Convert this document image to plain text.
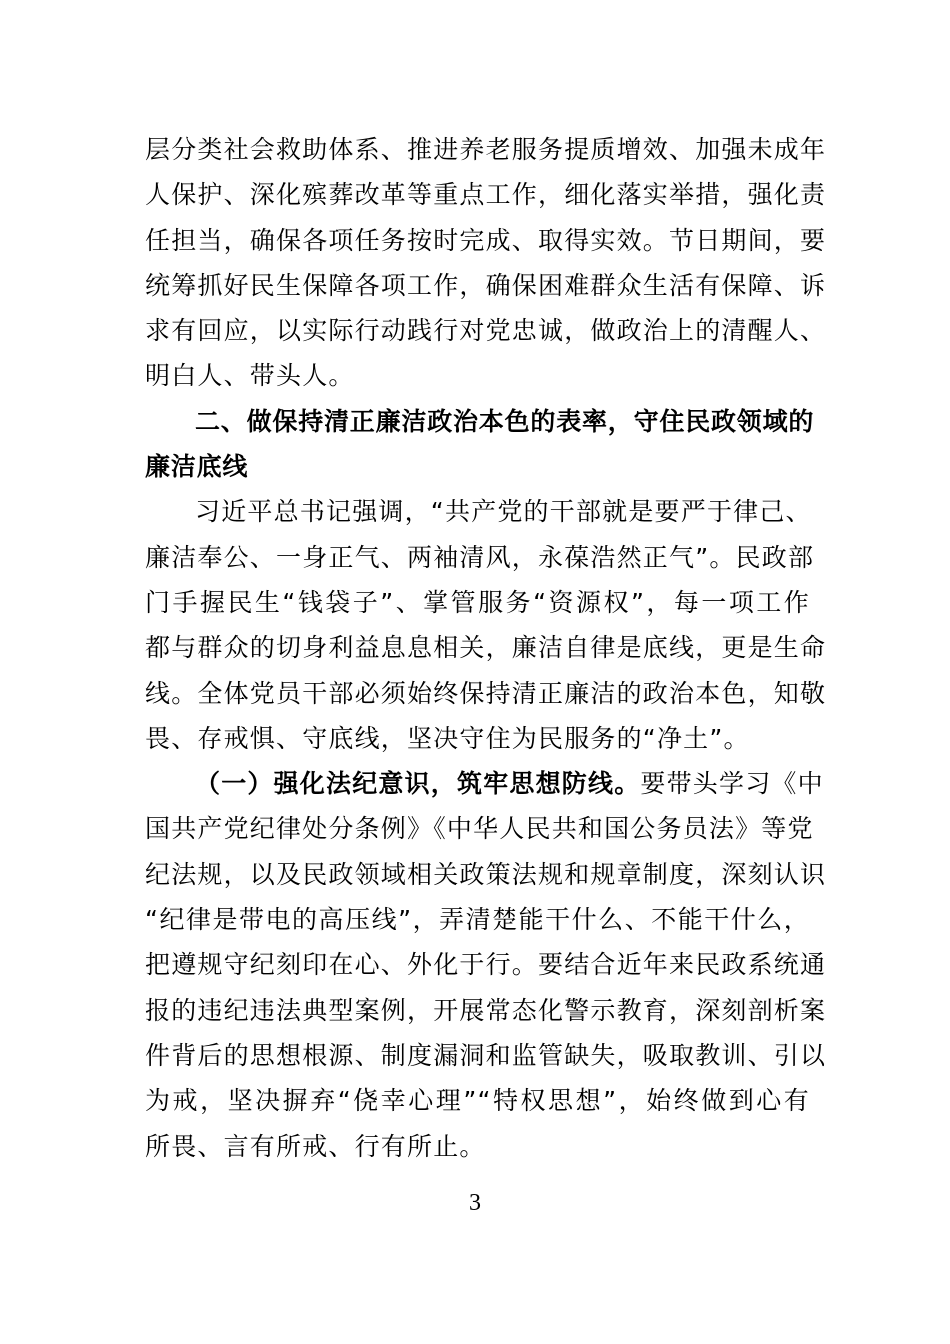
层分类社会救助体系、推进养老服务提质增效、加强未成年
人保护、深化殡葬改革等重点工作，细化落实举措，强化责
任担当，确保各项任务按时完成、取得实效。节日期间，要
统筹抓好民生保障各项工作，确保困难群众生活有保障、诉
求有回应，以实际行动践行对党忠诚，做政治上的清醒人、
明白人、带头人。
二、做保持清正廉洁政治本色的表率，守住民政领域的
廉洁底线
习近平总书记强调，“共产党的干部就是要严于律己、
廉洁奉公、一身正气、两袖清风，永葆浩然正气”。民政部
门手握民生“钱袋子”、掌管服务“资源权”，每一项工作
都与群众的切身利益息息相关，廉洁自律是底线，更是生命
线。全体党员干部必须始终保持清正廉洁的政治本色，知敬
畏、存戒惧、守底线，坚决守住为民服务的“净土”。
（一）强化法纪意识，筑牢思想防线。要带头学习《中
国共产党纪律处分条例》《中华人民共和国公务员法》等党
纪法规，以及民政领域相关政策法规和规章制度，深刻认识
“纪律是带电的高压线”，弄清楚能干什么、不能干什么，
把遵规守纪刻印在心、外化于行。要结合近年来民政系统通
报的违纪违法典型案例，开展常态化警示教育，深刻剖析案
件背后的思想根源、制度漏洞和监管缺失，吸取教训、引以
为戒，坚决摒弃“侥幸心理”“特权思想”，始终做到心有
所畏、言有所戒、行有所止。
3
